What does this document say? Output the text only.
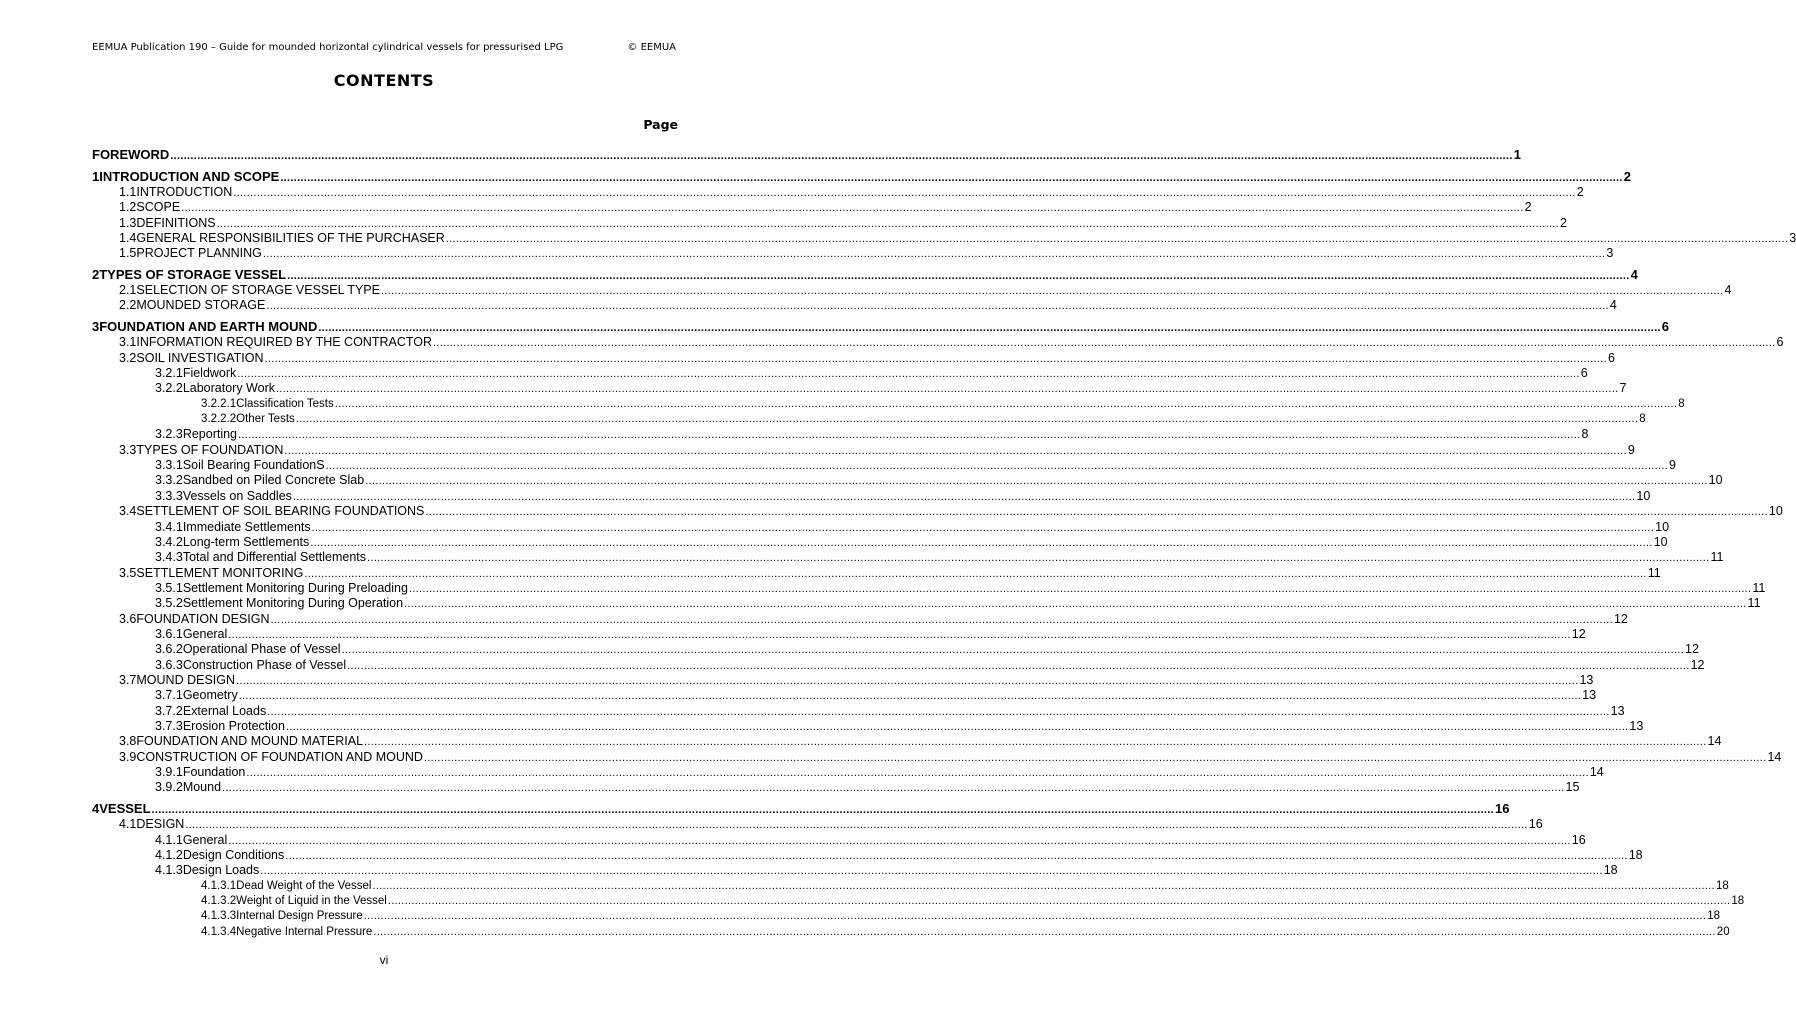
EEMUA Publication 190 – Guide for mounded horizontal cylindrical vessels for pressurised LPG	© EEMUA
CONTENTS
Page
FOREWORD ................................................................................................................................................................................................................................................................................................................................................................................................................ 1
1 INTRODUCTION AND SCOPE ................................................................................................................................................................................................................................................................................................................................................................................................................ 2
1.1 INTRODUCTION ................................................................................................................................................................................................................................................................................................................................................................................................................ 2
1.2 SCOPE ................................................................................................................................................................................................................................................................................................................................................................................................................ 2
1.3 DEFINITIONS ................................................................................................................................................................................................................................................................................................................................................................................................................ 2
1.4 GENERAL RESPONSIBILITIES OF THE PURCHASER ................................................................................................................................................................................................................................................................................................................................................................................................................ 3
1.5 PROJECT PLANNING ................................................................................................................................................................................................................................................................................................................................................................................................................ 3
2 TYPES OF STORAGE VESSEL ................................................................................................................................................................................................................................................................................................................................................................................................................ 4
2.1 SELECTION OF STORAGE VESSEL TYPE ................................................................................................................................................................................................................................................................................................................................................................................................................ 4
2.2 MOUNDED STORAGE ................................................................................................................................................................................................................................................................................................................................................................................................................ 4
3 FOUNDATION AND EARTH MOUND ................................................................................................................................................................................................................................................................................................................................................................................................................ 6
3.1 INFORMATION REQUIRED BY THE CONTRACTOR ................................................................................................................................................................................................................................................................................................................................................................................................................ 6
3.2 SOIL INVESTIGATION ................................................................................................................................................................................................................................................................................................................................................................................................................ 6
3.2.1 Fieldwork ................................................................................................................................................................................................................................................................................................................................................................................................................ 6
3.2.2 Laboratory Work ................................................................................................................................................................................................................................................................................................................................................................................................................ 7
3.2.2.1 Classification Tests ................................................................................................................................................................................................................................................................................................................................................................................................................ 8
3.2.2.2 Other Tests ................................................................................................................................................................................................................................................................................................................................................................................................................ 8
3.2.3 Reporting ................................................................................................................................................................................................................................................................................................................................................................................................................ 8
3.3 TYPES OF FOUNDATION ................................................................................................................................................................................................................................................................................................................................................................................................................ 9
3.3.1 Soil Bearing FoundationS ................................................................................................................................................................................................................................................................................................................................................................................................................ 9
3.3.2 Sandbed on Piled Concrete Slab ................................................................................................................................................................................................................................................................................................................................................................................................................ 10
3.3.3 Vessels on Saddles ................................................................................................................................................................................................................................................................................................................................................................................................................ 10
3.4 SETTLEMENT OF SOIL BEARING FOUNDATIONS ................................................................................................................................................................................................................................................................................................................................................................................................................ 10
3.4.1 Immediate Settlements ................................................................................................................................................................................................................................................................................................................................................................................................................ 10
3.4.2 Long-term Settlements ................................................................................................................................................................................................................................................................................................................................................................................................................ 10
3.4.3 Total and Differential Settlements ................................................................................................................................................................................................................................................................................................................................................................................................................ 11
3.5 SETTLEMENT MONITORING ................................................................................................................................................................................................................................................................................................................................................................................................................ 11
3.5.1 Settlement Monitoring During Preloading ................................................................................................................................................................................................................................................................................................................................................................................................................ 11
3.5.2 Settlement Monitoring During Operation ................................................................................................................................................................................................................................................................................................................................................................................................................ 11
3.6 FOUNDATION DESIGN ................................................................................................................................................................................................................................................................................................................................................................................................................ 12
3.6.1 General ................................................................................................................................................................................................................................................................................................................................................................................................................ 12
3.6.2 Operational Phase of Vessel ................................................................................................................................................................................................................................................................................................................................................................................................................ 12
3.6.3 Construction Phase of Vessel ................................................................................................................................................................................................................................................................................................................................................................................................................ 12
3.7 MOUND DESIGN ................................................................................................................................................................................................................................................................................................................................................................................................................ 13
3.7.1 Geometry ................................................................................................................................................................................................................................................................................................................................................................................................................ 13
3.7.2 External Loads ................................................................................................................................................................................................................................................................................................................................................................................................................ 13
3.7.3 Erosion Protection ................................................................................................................................................................................................................................................................................................................................................................................................................ 13
3.8 FOUNDATION AND MOUND MATERIAL ................................................................................................................................................................................................................................................................................................................................................................................................................ 14
3.9 CONSTRUCTION OF FOUNDATION AND MOUND ................................................................................................................................................................................................................................................................................................................................................................................................................ 14
3.9.1 Foundation ................................................................................................................................................................................................................................................................................................................................................................................................................ 14
3.9.2 Mound ................................................................................................................................................................................................................................................................................................................................................................................................................ 15
4 VESSEL ................................................................................................................................................................................................................................................................................................................................................................................................................ 16
4.1 DESIGN ................................................................................................................................................................................................................................................................................................................................................................................................................ 16
4.1.1 General ................................................................................................................................................................................................................................................................................................................................................................................................................ 16
4.1.2 Design Conditions ................................................................................................................................................................................................................................................................................................................................................................................................................ 18
4.1.3 Design Loads ................................................................................................................................................................................................................................................................................................................................................................................................................ 18
4.1.3.1 Dead Weight of the Vessel ................................................................................................................................................................................................................................................................................................................................................................................................................ 18
4.1.3.2 Weight of Liquid in the Vessel ................................................................................................................................................................................................................................................................................................................................................................................................................ 18
4.1.3.3 Internal Design Pressure ................................................................................................................................................................................................................................................................................................................................................................................................................ 18
4.1.3.4 Negative Internal Pressure ................................................................................................................................................................................................................................................................................................................................................................................................................ 20
vi
